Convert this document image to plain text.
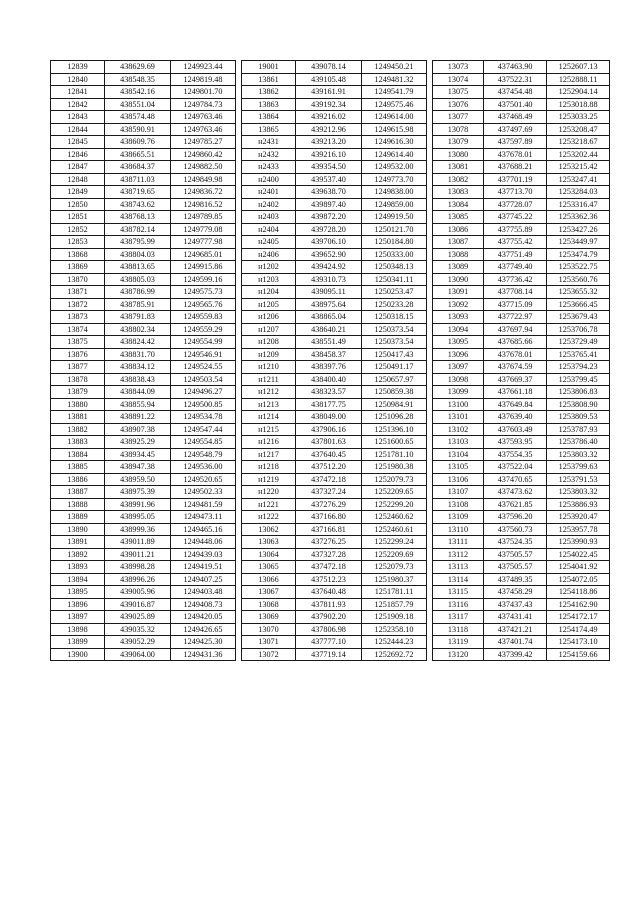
12839	438629.69	1249923.44
12840	438548.35	1249819.48
12841	438542.16	1249801.70
12842	438551.04	1249784.73
12843	438574.48	1249763.46
12844	438590.91	1249763.46
12845	438609.76	1249785.27
12846	438665.51	1249860.42
12847	438684.37	1249882.50
12848	438711.03	1249849.98
12849	438719.65	1249836.72
12850	438743.62	1249816.52
12851	438768.13	1249789.85
12852	438782.14	1249779.08
12853	438795.99	1249777.98
13868	438804.03	1249685.01
13869	438813.65	1249915.86
13870	438805.03	1249599.16
13871	438786.99	1249575.73
13872	438785.91	1249565.76
13873	438791.83	1249559.83
13874	438802.34	1249559.29
13875	438824.42	1249554.99
13876	438831.70	1249546.91
13877	438834.12	1249524.55
13878	438838.43	1249503.54
13879	438844.09	1249496.27
13880	438855.94	1249500.85
13881	438891.22	1249534.78
13882	438907.38	1249547.44
13883	438925.29	1249554.85
13884	438934.45	1249548.79
13885	438947.38	1249536.00
13886	438959.50	1249520.65
13887	438975.39	1249502.33
13888	438991.96	1249481.59
13889	438995.05	1249473.11
13890	438999.36	1249465.16
13891	439011.89	1249448.06
13892	439011.21	1249439.03
13893	438998.28	1249419.51
13894	438996.26	1249407.25
13895	439005.96	1249403.48
13896	439016.87	1249408.73
13897	439025.89	1249420.05
13898	439035.32	1249426.65
13899	439052.29	1249425.30
13900	439064.00	1249431.36
19001	439078.14	1249450.21
13861	439105.48	1249481.32
13862	439161.91	1249541.79
13863	439192.34	1249575.46
13864	439216.02	1249614.00
13865	439212.96	1249615.98
н2431	439213.20	1249616.30
н2432	439216.10	1249614.40
н2433	439354.50	1249532.00
н2400	439537.40	1249773.70
н2401	439638.70	1249838.00
н2402	439897.40	1249859.00
н2403	439872.20	1249919.50
н2404	439728.20	1250121.70
н2405	439706.10	1250184.80
н2406	439652.90	1250333.00
н1202	439424.92	1250348.13
н1203	439310.73	1250341.11
н1204	439095.11	1250253.47
н1205	438975.64	1250233.28
н1206	438865.04	1250318.15
н1207	438640.21	1250373.54
н1208	438551.49	1250373.54
н1209	438458.37	1250417.43
н1210	438397.76	1250491.17
н1211	438400.40	1250657.97
н1212	438323.57	1250859.38
н1213	438177.75	1250984.91
н1214	438049.00	1251096.28
н1215	437906.16	1251396.10
н1216	437801.63	1251600.65
н1217	437640.45	1251781.10
н1218	437512.20	1251980.38
н1219	437472.18	1252079.73
н1220	437327.24	1252209.65
н1221	437276.29	1252299.20
н1222	437166.80	1252460.62
13062	437166.81	1252460.61
13063	437276.25	1252299.24
13064	437327.28	1252209.69
13065	437472.18	1252079.73
13066	437512.23	1251980.37
13067	437640.48	1251781.11
13068	437811.93	1251857.79
13069	437902.20	1251909.18
13070	437806.98	1252358.10
13071	437777.10	1252444.23
13072	437719.14	1252692.72
13073	437463.90	1252607.13
13074	437522.31	1252888.11
13075	437454.48	1252904.14
13076	437501.40	1253018.88
13077	437468.49	1253033.25
13078	437497.69	1253208.47
13079	437597.89	1253218.67
13080	437678.01	1253202.44
13081	437688.21	1253215.42
13082	437701.19	1253247.41
13083	437713.70	1253284.03
13084	437728.07	1253316.47
13085	437745.22	1253362.36
13086	437755.89	1253427.26
13087	437755.42	1253449.97
13088	437751.49	1253474.79
13089	437749.40	1253522.75
13090	437736.42	1253560.76
13091	437708.14	1253655.32
13092	437715.09	1253666.45
13093	437722.97	1253679.43
13094	437697.94	1253706.78
13095	437685.66	1253729.49
13096	437678.01	1253765.41
13097	437674.59	1253794.23
13098	437669.37	1253799.45
13099	437661.18	1253806.83
13100	437649.84	1253808.90
13101	437639.40	1253809.53
13102	437603.49	1253787.93
13103	437593.95	1253786.40
13104	437554.35	1253803.32
13105	437522.04	1253799.63
13106	437470.65	1253791.53
13107	437473.62	1253803.32
13108	437621.85	1253886.93
13109	437596.20	1253920.47
13110	437560.73	1253957.78
13111	437524.35	1253990.93
13112	437505.57	1254022.45
13113	437505.57	1254041.92
13114	437489.35	1254072.05
13115	437458.29	1254118.86
13116	437437.43	1254162.90
13117	437431.41	1254172.17
13118	437421.21	1254174.49
13119	437401.74	1254173.10
13120	437399.42	1254159.66
